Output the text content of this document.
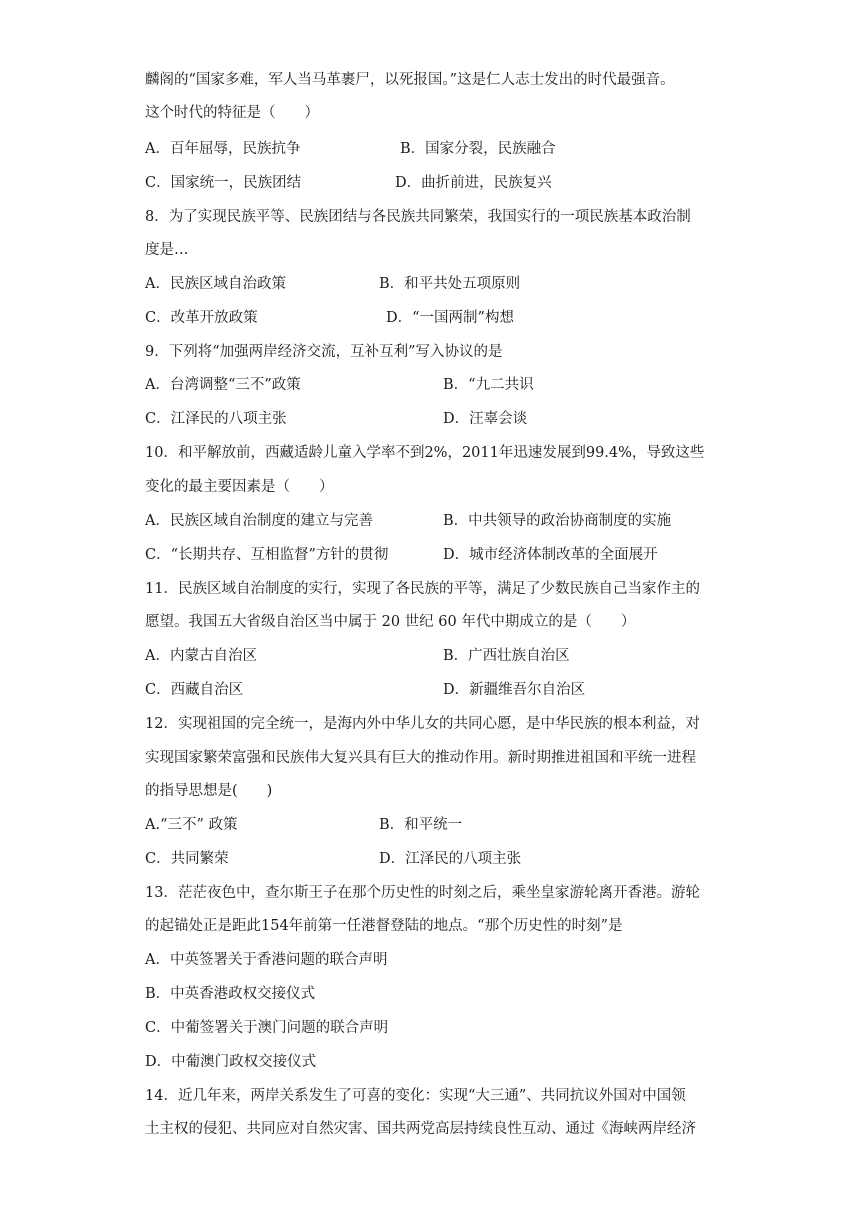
麟阁的“国家多难，军人当马革裹尸，以死报国。”这是仁人志士发出的时代最强音。
这个时代的特征是（　　）
A．百年屈辱，民族抗争	B．国家分裂，民族融合
C．国家统一，民族团结	D．曲折前进，民族复兴
8．为了实现民族平等、民族团结与各民族共同繁荣，我国实行的一项民族基本政治制
度是…
A．民族区域自治政策	B．和平共处五项原则
C．改革开放政策	D．“一国两制”构想
9．下列将“加强两岸经济交流，互补互利”写入协议的是
A．台湾调整“三不”政策	B．“九二共识
C．江泽民的八项主张	D．汪辜会谈
10．和平解放前，西藏适龄儿童入学率不到2%，2011年迅速发展到99.4%，导致这些
变化的最主要因素是（　　）
A．民族区域自治制度的建立与完善	B．中共领导的政治协商制度的实施
C．“长期共存、互相监督”方针的贯彻	D．城市经济体制改革的全面展开
11．民族区域自治制度的实行，实现了各民族的平等，满足了少数民族自己当家作主的
愿望。我国五大省级自治区当中属于 20 世纪 60 年代中期成立的是（　　）
A．内蒙古自治区	B．广西壮族自治区
C．西藏自治区	D．新疆维吾尔自治区
12．实现祖国的完全统一，是海内外中华儿女的共同心愿，是中华民族的根本利益，对
实现国家繁荣富强和民族伟大复兴具有巨大的推动作用。新时期推进祖国和平统一进程
的指导思想是(　　)
A.“三不” 政策	B．和平统一
C．共同繁荣	D．江泽民的八项主张
13．茫茫夜色中，查尔斯王子在那个历史性的时刻之后，乘坐皇家游轮离开香港。游轮
的起锚处正是距此154年前第一任港督登陆的地点。“那个历史性的时刻”是
A．中英签署关于香港问题的联合声明
B．中英香港政权交接仪式
C．中葡签署关于澳门问题的联合声明
D．中葡澳门政权交接仪式
14．近几年来，两岸关系发生了可喜的变化：实现“大三通”、共同抗议外国对中国领
土主权的侵犯、共同应对自然灾害、国共两党高层持续良性互动、通过《海峡两岸经济
